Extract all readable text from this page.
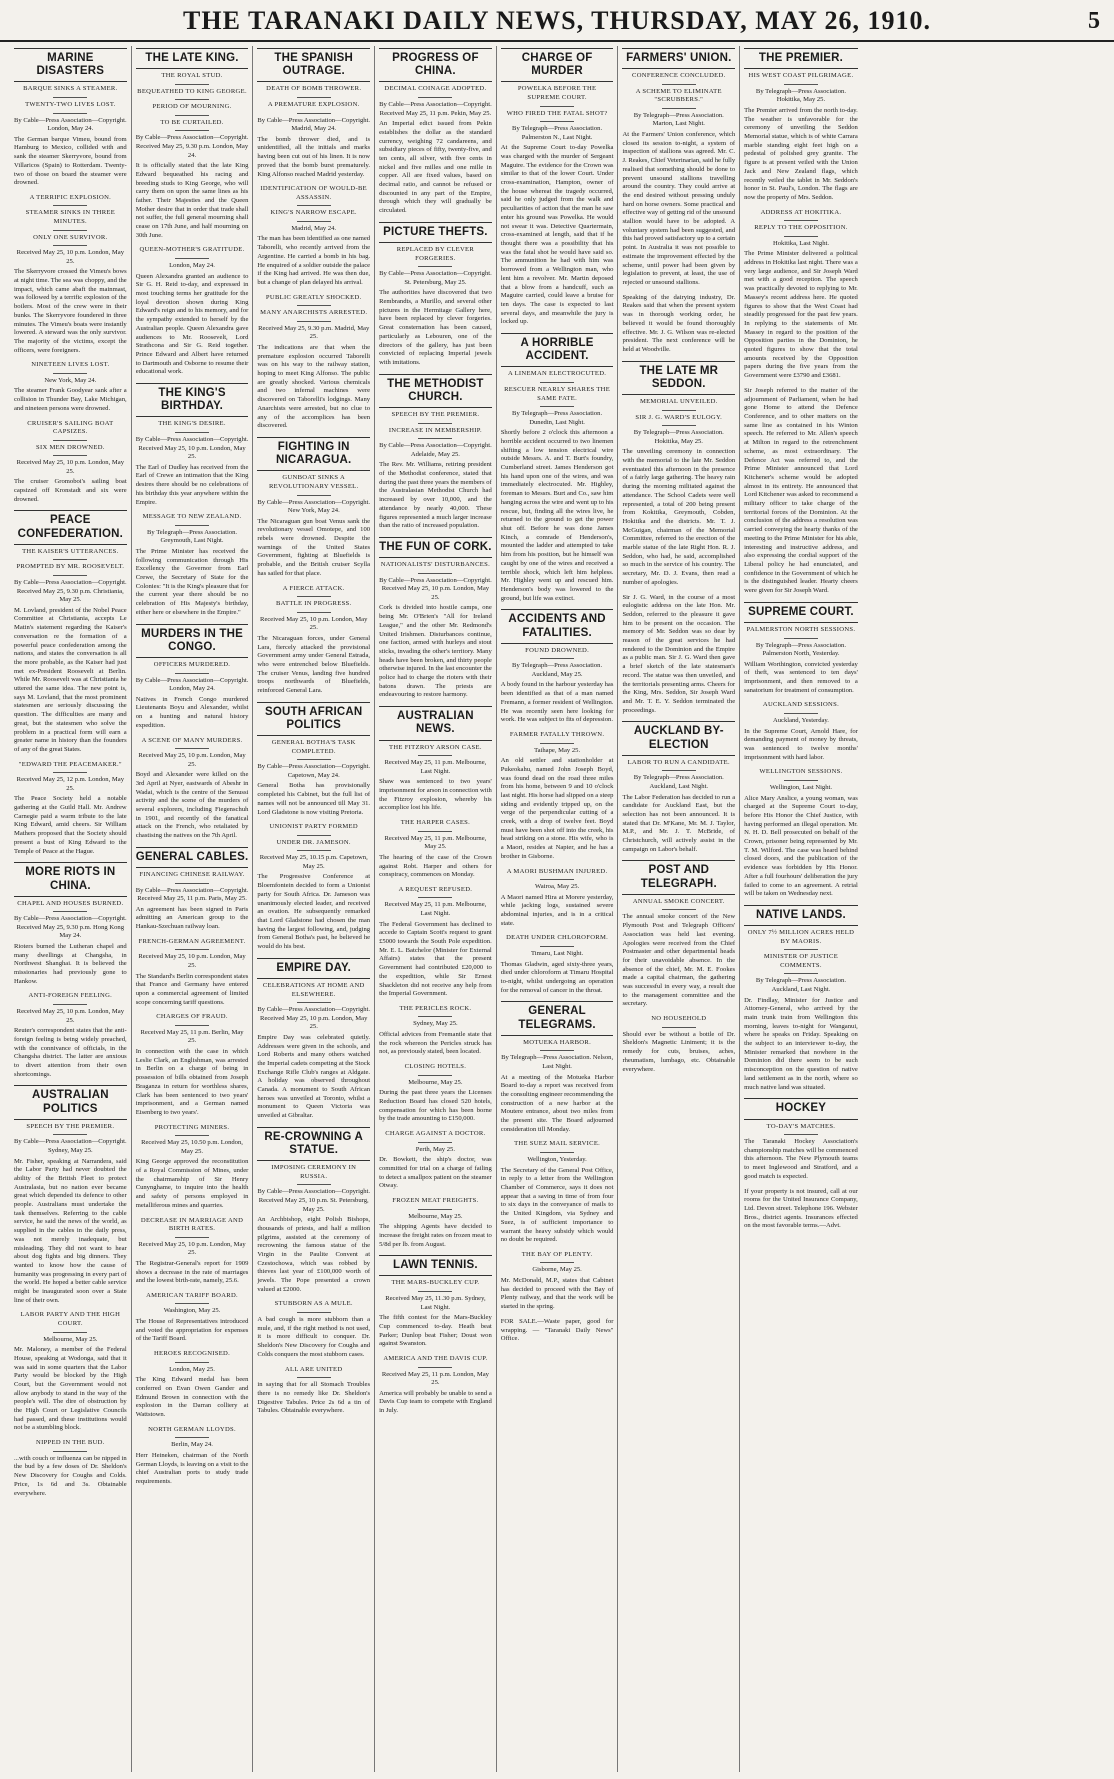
THE TARANAKI DAILY NEWS, THURSDAY, MAY 26, 1910.	5
MARINE DISASTERS
BARQUE SINKS A STEAMER.
TWENTY-TWO LIVES LOST.
By Cable—Press Association—Copyright. London, May 24.

The German barque Vimeu, bound from Hamburg to Mexico, collided with and sank the steamer Skerryvore, bound from Villaricos (Spain) to Rotterdam. Twenty-two of those on board the steamer were drowned.

A TERRIFIC EXPLOSION.
STEAMER SINKS IN THREE MINUTES.
ONLY ONE SURVIVOR.
Received May 25, 10 p.m. London, May 25.

The Skerryvore crossed the Vimeu's bows at night time. The sea was choppy, and the impact, which came abaft the mainmast, was followed by a terrific explosion of the boilers. Most of the crew were in their bunks. The Skerryvore foundered in three minutes. The Vimeu's boats were instantly lowered. A steward was the only survivor. The majority of the victims, except the officers, were foreigners.

NINETEEN LIVES LOST.
New York, May 24.

The steamer Frank Goodyear sank after a collision in Thunder Bay, Lake Michigan, and nineteen persons were drowned.

CRUISER'S SAILING BOAT CAPSIZES.
SIX MEN DROWNED.
Received May 25, 10 p.m. London, May 25.

The cruiser Gromoboi's sailing boat capsized off Kronstadt and six were drowned.

PEACE CONFEDERATION.
THE KAISER'S UTTERANCES.
PROMPTED BY MR. ROOSEVELT.
By Cable—Press Association—Copyright. Received May 25, 9.30 p.m. Christiania, May 25.

M. Lovland, president of the Nobel Peace Committee at Christiania, accepts Le Matin's statement regarding the Kaiser's conversation re the formation of a powerful peace confederation among the nations, and states the conversation is all the more probable, as the Kaiser had just met ex-President Roosevelt at Berlin. While Mr. Roosevelt was at Christiania he uttered the same idea. The new point is, says M. Lovland, that the most prominent statesmen are seriously discussing the question. The difficulties are many and great, but the statesmen who solve the problem in a practical form will earn a greater name in history than the founders of any of the great States.

"EDWARD THE PEACEMAKER."
Received May 25, 12 p.m. London, May 25.

The Peace Society held a notable gathering at the Guild Hall. Mr. Andrew Carnegie paid a warm tribute to the late King Edward, amid cheers. Sir William Mathers proposed that the Society should present a bust of King Edward to the Temple of Peace at the Hague.

MORE RIOTS IN CHINA.
CHAPEL AND HOUSES BURNED.
By Cable—Press Association—Copyright. Received May 25, 9.30 p.m. Hong Kong May 24.

Rioters burned the Lutheran chapel and many dwellings at Changsha, in Northwest Shanghai. It is believed the missionaries had previously gone to Hankow.

ANTI-FOREIGN FEELING.
Received May 25, 10 p.m. London, May 25.

Reuter's correspondent states that the anti-foreign feeling is being widely preached, with the connivance of officials, in the Changsha district. The latter are anxious to divert attention from their own shortcomings.

AUSTRALIAN POLITICS
SPEECH BY THE PREMIER.
By Cable—Press Association—Copyright. Sydney, May 25.

Mr. Fisher, speaking at Narrandera, said the Labor Party had never doubted the ability of the British Fleet to protect Australasia, but no nation ever became great which depended its defence to other people. Australians must undertake the task themselves. Referring to the cable service, he said the news of the world, as supplied in the cables in the daily press, was not merely inadequate, but misleading. They did not want to hear about dog fights and big dinners. They wanted to know how the cause of humanity was progressing in every part of the world. He hoped a better cable service might be inaugurated soon over a State line of their own.

LABOR PARTY AND THE HIGH COURT.
Melbourne, May 25.

Mr. Maloney, a member of the Federal House, speaking at Wodonga, said that it was said in some quarters that the Labor Party would be blocked by the High Court, but the Government would not allow anybody to stand in the way of the people's will. The dire of obstruction by the High Court or Legislative Councils had passed, and these institutions would not be a stumbling block.

NIPPED IN THE BUD.

...with couch or influenza can be nipped in the bud by a few doses of Dr. Sheldon's New Discovery for Coughs and Colds. Price, 1s 6d and 3s. Obtainable everywhere.

THE LATE KING.
THE ROYAL STUD.
BEQUEATHED TO KING GEORGE.
PERIOD OF MOURNING.
TO BE CURTAILED.
By Cable—Press Association—Copyright. Received May 25, 9.30 p.m. London, May 24.

It is officially stated that the late King Edward bequeathed his racing and breeding studs to King George, who will carry them on upon the same lines as his father. Their Majesties and the Queen Mother desire that in order that trade shall not suffer, the full general mourning shall cease on 17th June, and half mourning on 30th June.

QUEEN-MOTHER'S GRATITUDE.
London, May 24.

Queen Alexandra granted an audience to Sir G. H. Reid to-day, and expressed in most touching terms her gratitude for the loyal devotion shown during King Edward's reign and to his memory, and for the sympathy extended to herself by the Australian people. Queen Alexandra gave audiences to Mr. Roosevelt, Lord Strathcona and Sir G. Reid together. Prince Edward and Albert have returned to Dartmouth and Osborne to resume their educational work.

THE KING'S BIRTHDAY.
THE KING'S DESIRE.
By Cable—Press Association—Copyright. Received May 25, 10 p.m. London, May 25.

The Earl of Dudley has received from the Earl of Crewe an intimation that the King desires there should be no celebrations of his birthday this year anywhere within the Empire.

MESSAGE TO NEW ZEALAND.
By Telegraph—Press Association. Greymouth, Last Night.

The Prime Minister has received the following communication through His Excellency the Governor from Earl Crewe, the Secretary of State for the Colonies: "It is the King's pleasure that for the current year there should be no celebration of His Majesty's birthday, either here or elsewhere in the Empire."

MURDERS IN THE CONGO.
OFFICERS MURDERED.
By Cable—Press Association—Copyright. London, May 24.

Natives in French Congo murdered Lieutenants Boyu and Alexander, whilst on a hunting and natural history expedition.

A SCENE OF MANY MURDERS.
Received May 25, 10 p.m. London, May 25.

Boyd and Alexander were killed on the 3rd April at Nyer, eastwards of Abeshr in Wadai, which is the centre of the Senussi activity and the scene of the murders of several explorers, including Fiegenschuh in 1901, and recently of the fanatical attack on the French, who retaliated by chastising the natives on the 7th April.

GENERAL CABLES.
FINANCING CHINESE RAILWAY.
By Cable—Press Association—Copyright. Received May 25, 11 p.m. Paris, May 25.

An agreement has been signed in Paris admitting an American group to the Hankau-Szechuan railway loan.

FRENCH-GERMAN AGREEMENT.
Received May 25, 10 p.m. London, May 25.

The Standard's Berlin correspondent states that France and Germany have entered upon a commercial agreement of limited scope concerning tariff questions.

CHARGES OF FRAUD.
Received May 25, 11 p.m. Berlin, May 25.

In connection with the case in which Leslie Clark, an Englishman, was arrested in Berlin on a charge of being in possession of bills obtained from Joseph Braganza in return for worthless shares, Clark has been sentenced to two years' imprisonment, and a German named Eisenberg to two years'.

PROTECTING MINERS.
Received May 25, 10.50 p.m. London, May 25.

King George approved the reconstitution of a Royal Commission of Mines, under the chairmanship of Sir Henry Cunynghame, to inquire into the health and safety of persons employed in metalliferous mines and quarries.

DECREASE IN MARRIAGE AND BIRTH RATES.
Received May 25, 10 p.m. London, May 25.

The Registrar-General's report for 1909 shows a decrease in the rate of marriages and the lowest birth-rate, namely, 25.6.

AMERICAN TARIFF BOARD.
Washington, May 25.

The House of Representatives introduced and voted the appropriation for expenses of the Tariff Board.

HEROES RECOGNISED.
London, May 25.

The King Edward medal has been conferred on Evan Owen Gander and Edmund Brown in connection with the explosion in the Darran colliery at Wattstown.

NORTH GERMAN LLOYDS.
Berlin, May 24.

Herr Heineken, chairman of the North German Lloyds, is leaving on a visit to the chief Australian ports to study trade requirements.

THE SPANISH OUTRAGE.
DEATH OF BOMB THROWER.
A PREMATURE EXPLOSION.
By Cable—Press Association—Copyright. Madrid, May 24.

The bomb thrower died, and is unidentified, all the initials and marks having been cut out of his linen. It is now proved that the bomb burst prematurely. King Alfonso reached Madrid yesterday.

IDENTIFICATION OF WOULD-BE ASSASSIN.
KING'S NARROW ESCAPE.
Madrid, May 24.

The man has been identified as one named Taborelli, who recently arrived from the Argentine. He carried a bomb in his bag. He enquired of a soldier outside the palace if the King had arrived. He was then due, but a change of plan delayed his arrival.

PUBLIC GREATLY SHOCKED.
MANY ANARCHISTS ARRESTED.
Received May 25, 9.30 p.m. Madrid, May 25.

The indications are that when the premature explosion occurred Taborelli was on his way to the railway station, hoping to meet King Alfonso. The public are greatly shocked. Various chemicals and two infernal machines were discovered on Taborelli's lodgings. Many Anarchists were arrested, but no clue to any of the accomplices has been discovered.

FIGHTING IN NICARAGUA.
GUNBOAT SINKS A REVOLUTIONARY VESSEL.
By Cable—Press Association—Copyright. New York, May 24.

The Nicaraguan gun boat Venus sank the revolutionary vessel Omotepe, and 100 rebels were drowned. Despite the warnings of the United States Government, fighting at Bluefields is probable, and the British cruiser Scylla has sailed for that place.

A FIERCE ATTACK.
BATTLE IN PROGRESS.
Received May 25, 10 p.m. London, May 25.

The Nicaraguan forces, under General Lara, fiercely attacked the provisional Government army under General Estrada, who were entrenched below Bluefields. The cruiser Venus, landing five hundred troops northwards of Bluefields, reinforced General Lara.

SOUTH AFRICAN POLITICS
GENERAL BOTHA'S TASK COMPLETED.
By Cable—Press Association—Copyright. Capetown, May 24.

General Botha has provisionally completed his Cabinet, but the full list of names will not be announced till May 31. Lord Gladstone is now visiting Pretoria.

UNIONIST PARTY FORMED
UNDER DR. JAMESON.
Received May 25, 10.15 p.m. Capetown, May 25.

The Progressive Conference at Bloemfontein decided to form a Unionist party for South Africa. Dr. Jameson was unanimously elected leader, and received an ovation. He subsequently remarked that Lord Gladstone had chosen the man having the largest following, and, judging from General Botha's past, he believed he would do his best.

EMPIRE DAY.
CELEBRATIONS AT HOME AND ELSEWHERE.
By Cable—Press Association—Copyright. Received May 25, 10 p.m. London, May 25.

Empire Day was celebrated quietly. Addresses were given in the schools, and Lord Roberts and many others watched the Imperial cadets competing at the Stock Exchange Rifle Club's ranges at Aldgate. A holiday was observed throughout Canada. A monument to South African heroes was unveiled at Toronto, whilst a monument to Queen Victoria was unveiled at Gibraltar.

RE-CROWNING A STATUE.
IMPOSING CEREMONY IN RUSSIA.
By Cable—Press Association—Copyright. Received May 25, 10 p.m. St. Petersburg, May 25.

An Archbishop, eight Polish Bishops, thousands of priests, and half a million pilgrims, assisted at the ceremony of recrowning the famous statue of the Virgin in the Paulite Convent at Czestochowa, which was robbed by thieves last year of £100,000 worth of jewels. The Pope presented a crown valued at £2000.

STUBBORN AS A MULE.

A bad cough is more stubborn than a mule, and, if the right method is not used, it is more difficult to conquer. Dr. Sheldon's New Discovery for Coughs and Colds conquers the most stubborn cases.

ALL ARE UNITED

in saying that for all Stomach Troubles there is no remedy like Dr. Sheldon's Digestive Tabules. Price 2s 6d a tin of Tabules. Obtainable everywhere.

PROGRESS OF CHINA.
DECIMAL COINAGE ADOPTED.
By Cable—Press Association—Copyright. Received May 25, 11 p.m. Pekin, May 25.

An Imperial edict issued from Pekin establishes the dollar as the standard currency, weighing 72 candareens, and subsidiary pieces of fifty, twenty-five, and ten cents, all silver, with five cents in nickel and five milles and one mille in copper. All are fixed values, based on decimal ratio, and cannot be refused or discounted in any part of the Empire, through which they will gradually be circulated.

PICTURE THEFTS.
REPLACED BY CLEVER FORGERIES.
By Cable—Press Association—Copyright. St. Petersburg, May 25.

The authorities have discovered that two Rembrandts, a Murillo, and several other pictures in the Hermitage Gallery here, have been replaced by clever forgeries. Great consternation has been caused, particularly as Lebouren, one of the directors of the gallery, has just been convicted of replacing Imperial jewels with imitations.

THE METHODIST CHURCH.
SPEECH BY THE PREMIER.
INCREASE IN MEMBERSHIP.
By Cable—Press Association—Copyright. Adelaide, May 25.

The Rev. Mr. Williams, retiring president of the Methodist conference, stated that during the past three years the members of the Australasian Methodist Church had increased by over 10,000, and the attendance by nearly 40,000. These figures represented a much larger increase than the ratio of increased population.

THE FUN OF CORK.
NATIONALISTS' DISTURBANCES.
By Cable—Press Association—Copyright. Received May 25, 10 p.m. London, May 25.

Cork is divided into hostile camps, one being Mr. O'Brien's "All for Ireland League," and the other Mr. Redmond's United Irishmen. Disturbances continue, one faction, armed with hurleys and stout sticks, invading the other's territory. Many heads have been broken, and thirty people otherwise injured. In the last encounter the police had to charge the rioters with their batons drawn. The priests are endeavouring to restore harmony.

AUSTRALIAN NEWS.
THE FITZROY ARSON CASE.
Received May 25, 11 p.m. Melbourne, Last Night.

Shaw was sentenced to two years' imprisonment for arson in connection with the Fitzroy explosion, whereby his accomplice lost his life.

THE HARPER CASES.
Received May 25, 11 p.m. Melbourne, May 25.

The hearing of the case of the Crown against Robt. Harper and others for conspiracy, commences on Monday.

A REQUEST REFUSED.
Received May 25, 11 p.m. Melbourne, Last Night.

The Federal Government has declined to accede to Captain Scott's request to grant £5000 towards the South Pole expedition. Mr. E. L. Batchelor (Minister for External Affairs) states that the present Government had contributed £20,000 to the expedition, while Sir Ernest Shackleton did not receive any help from the Imperial Government.

THE PERICLES ROCK.
Sydney, May 25.

Official advices from Fremantle state that the rock whereon the Pericles struck has not, as previously stated, been located.

CLOSING HOTELS.
Melbourne, May 25.

During the past three years the Licenses Reduction Board has closed 520 hotels, compensation for which has been borne by the trade amounting to £150,000.

CHARGE AGAINST A DOCTOR.
Perth, May 25.

Dr. Bowkett, the ship's doctor, was committed for trial on a charge of failing to detect a smallpox patient on the steamer Otway.

FROZEN MEAT FREIGHTS.
Melbourne, May 25.

The shipping Agents have decided to increase the freight rates on frozen meat to 5/8d per lb. from August.

LAWN TENNIS.
THE MARS-BUCKLEY CUP.
Received May 25, 11.30 p.m. Sydney, Last Night.

The fifth contest for the Mars-Buckley Cup commenced to-day. Heath beat Parker; Dunlop beat Fisher; Doust won against Swanston.

AMERICA AND THE DAVIS CUP.
Received May 25, 11 p.m. London, May 25.

America will probably be unable to send a Davis Cup team to compete with England in July.

CHARGE OF MURDER
POWELKA BEFORE THE SUPREME COURT.
WHO FIRED THE FATAL SHOT?
By Telegraph—Press Association. Palmerston N., Last Night.

At the Supreme Court to-day Powelka was charged with the murder of Sergeant Maguire. The evidence for the Crown was similar to that of the lower Court. Under cross-examination, Hampton, owner of the house whereat the tragedy occurred, said he only judged from the walk and peculiarities of action that the man he saw enter his ground was Powelka. He would not swear it was. Detective Quartermain, cross-examined at length, said that if he thought there was a possibility that his was the fatal shot he would have said so. The ammunition he had with him was borrowed from a Wellington man, who lent him a revolver. Mr. Martin deposed that a blow from a handcuff, such as Maguire carried, could leave a bruise for ten days. The case is expected to last several days, and meanwhile the jury is locked up.

A HORRIBLE ACCIDENT.
A LINEMAN ELECTROCUTED.
RESCUER NEARLY SHARES THE SAME FATE.
By Telegraph—Press Association. Dunedin, Last Night.

Shortly before 2 o'clock this afternoon a horrible accident occurred to two linemen shifting a low tension electrical wire outside Messrs. A. and T. Burt's foundry, Cumberland street. James Henderson got his hand upon one of the wires, and was immediately electrocuted. Mr. Highley, foreman to Messrs. Burt and Co., saw him hanging across the wire and went up to his rescue, but, finding all the wires live, he returned to the ground to get the power shut off. Before he was done James Kinch, a comrade of Henderson's, mounted the ladder and attempted to take him from his position, but he himself was caught by one of the wires and received a terrible shock, which left him helpless. Mr. Highley went up and rescued him. Henderson's body was lowered to the ground, but life was extinct.

ACCIDENTS AND FATALITIES.
FOUND DROWNED.
By Telegraph—Press Association. Auckland, May 25.

A body found in the harbour yesterday has been identified as that of a man named Fremann, a former resident of Wellington. He was recently seen here looking for work. He was subject to fits of depression.

FARMER FATALLY THROWN.
Taihape, May 25.

An old settler and stationholder at Pukeokahu, named John Joseph Boyd, was found dead on the road three miles from his home, between 9 and 10 o'clock last night. His horse had slipped on a steep siding and evidently tripped up, on the verge of the perpendicular cutting of a creek, with a drop of twelve feet. Boyd must have been shot off into the creek, his head striking on a stone. His wife, who is a Maori, resides at Napier, and he has a brother in Gisborne.

A MAORI BUSHMAN INJURED.
Wairoa, May 25.

A Maori named Hira at Morere yesterday, while jacking logs, sustained severe abdominal injuries, and is in a critical state.

DEATH UNDER CHLOROFORM.
Timaru, Last Night.

Thomas Gladwin, aged sixty-three years, died under chloroform at Timaru Hospital to-night, whilst undergoing an operation for the removal of cancer in the throat.

GENERAL TELEGRAMS.
MOTUEKA HARBOR.
By Telegraph—Press Association. Nelson, Last Night.

At a meeting of the Motueka Harbor Board to-day a report was received from the consulting engineer recommending the construction of a new harbor at the Moutere entrance, about two miles from the present site. The Board adjourned consideration till Monday.

THE SUEZ MAIL SERVICE.
Wellington, Yesterday.

The Secretary of the General Post Office, in reply to a letter from the Wellington Chamber of Commerce, says it does not appear that a saving in time of from four to six days in the conveyance of mails to the United Kingdom, via Sydney and Suez, is of sufficient importance to warrant the heavy subsidy which would no doubt be required.

THE BAY OF PLENTY.
Gisborne, May 25.

Mr. McDonald, M.P., states that Cabinet has decided to proceed with the Bay of Plenty railway, and that the work will be started in the spring.

FOR SALE.—Waste paper, good for wrapping. — "Taranaki Daily News" Office.

FARMERS' UNION.
CONFERENCE CONCLUDED.
A SCHEME TO ELIMINATE "SCRUBBERS."
By Telegraph—Press Association. Marton, Last Night.

At the Farmers' Union conference, which closed its session to-night, a system of inspection of stallions was agreed. Mr. C. J. Reakes, Chief Veterinarian, said he fully realised that something should be done to prevent unsound stallions travelling around the country. They could arrive at the end desired without pressing unduly hard on horse owners. Some practical and effective way of getting rid of the unsound stallion would have to be adopted. A voluntary system had been suggested, and this had proved satisfactory up to a certain point. In Australia it was not possible to estimate the improvement effected by the scheme, until power had been given by legislation to prevent, at least, the use of rejected or unsound stallions.

Speaking of the dairying industry, Dr. Reakes said that when the present system was in thorough working order, he believed it would be found thoroughly effective. Mr. J. G. Wilson was re-elected president. The next conference will be held at Woodville.

THE LATE MR SEDDON.
MEMORIAL UNVEILED.
SIR J. G. WARD'S EULOGY.
By Telegraph—Press Association. Hokitika, May 25.

The unveiling ceremony in connection with the memorial to the late Mr. Seddon eventuated this afternoon in the presence of a fairly large gathering. The heavy rain during the morning militated against the attendance. The School Cadets were well represented, a total of 200 being present from Kokitika, Greymouth, Cobden, Hokitika and the districts. Mr. T. J. McGuigan, chairman of the Memorial Committee, referred to the erection of the marble statue of the late Right Hon. R. J. Seddon, who had, he said, accomplished so much in the service of his country. The secretary, Mr. D. J. Evans, then read a number of apologies.

Sir J. G. Ward, in the course of a most eulogistic address on the late Hon. Mr. Seddon, referred to the pleasure it gave him to be present on the occasion. The memory of Mr. Seddon was so dear by reason of the great services he had rendered to the Dominion and the Empire as a public man. Sir J. G. Ward then gave a brief sketch of the late statesman's record. The statue was then unveiled, and the territorials presenting arms. Cheers for the King, Mrs. Seddon, Sir Joseph Ward and Mr. T. E. Y. Seddon terminated the proceedings.

AUCKLAND BY-ELECTION
LABOR TO RUN A CANDIDATE.
By Telegraph—Press Association. Auckland, Last Night.

The Labor Federation has decided to run a candidate for Auckland East, but the selection has not been announced. It is stated that Dr. M'Kane, Mr. M. J. Taylor, M.P., and Mr. J. T. McBride, of Christchurch, will actively assist in the campaign on Labor's behalf.

POST AND TELEGRAPH.
ANNUAL SMOKE CONCERT.

The annual smoke concert of the New Plymouth Post and Telegraph Officers' Association was held last evening. Apologies were received from the Chief Postmaster and other departmental heads for their unavoidable absence. In the absence of the chief, Mr. M. E. Fookes made a capital chairman, the gathering was successful in every way, a result due to the management committee and the secretary.

NO HOUSEHOLD

Should ever be without a bottle of Dr. Sheldon's Magnetic Liniment; it is the remedy for cuts, bruises, aches, rheumatism, lumbago, etc. Obtainable everywhere.

THE PREMIER.
HIS WEST COAST PILGRIMAGE.
By Telegraph—Press Association. Hokitika, May 25.

The Premier arrived from the north to-day. The weather is unfavorable for the ceremony of unveiling the Seddon Memorial statue, which is of white Carrara marble standing eight feet high on a pedestal of polished grey granite. The figure is at present veiled with the Union Jack and New Zealand flags, which recently veiled the tablet in Mr. Seddon's honor in St. Paul's, London. The flags are now the property of Mrs. Seddon.

ADDRESS AT HOKITIKA.
REPLY TO THE OPPOSITION.
Hokitika, Last Night.

The Prime Minister delivered a political address in Hokitika last night. There was a very large audience, and Sir Joseph Ward met with a good reception. The speech was practically devoted to replying to Mr. Massey's recent address here. He quoted figures to show that the West Coast had steadily progressed for the past few years. In replying to the statements of Mr. Massey in regard to the position of the Opposition parties in the Dominion, he quoted figures to show that the total amounts received by the Opposition papers during the five years from the Government were £3790 and £3681.

Sir Joseph referred to the matter of the adjournment of Parliament, when he had gone Home to attend the Defence Conference, and to other matters on the same line as contained in his Winton speech. He referred to Mr. Allen's speech at Milton in regard to the retrenchment scheme, as most extraordinary. The Defence Act was referred to, and the Prime Minister announced that Lord Kitchener's scheme would be adopted almost in its entirety. He announced that Lord Kitchener was asked to recommend a military officer to take charge of the territorial forces of the Dominion. At the conclusion of the address a resolution was carried conveying the hearty thanks of the meeting to the Prime Minister for his able, interesting and instructive address, and also expressing the cordial support of the Liberal policy he had enunciated, and confidence in the Government of which he is the distinguished leader. Hearty cheers were given for Sir Joseph Ward.

SUPREME COURT.
PALMERSTON NORTH SESSIONS.
By Telegraph—Press Association. Palmerston North, Yesterday.

William Worthington, convicted yesterday of theft, was sentenced to ten days' imprisonment, and then removed to a sanatorium for treatment of consumption.

AUCKLAND SESSIONS.
Auckland, Yesterday.

In the Supreme Court, Arnold Hare, for demanding payment of money by threats, was sentenced to twelve months' imprisonment with hard labor.

WELLINGTON SESSIONS.
Wellington, Last Night.

Alice Mary Anslice, a young woman, was charged at the Supreme Court to-day, before His Honor the Chief Justice, with having performed an illegal operation. Mr. N. H. D. Bell prosecuted on behalf of the Crown, prisoner being represented by Mr. T. M. Wilford. The case was heard behind closed doors, and the publication of the evidence was forbidden by His Honor. After a full fourhours' deliberation the jury failed to come to an agreement. A retrial will be taken on Wednesday next.

NATIVE LANDS.
ONLY 7½ MILLION ACRES HELD BY MAORIS.
MINISTER OF JUSTICE COMMENTS.
By Telegraph—Press Association. Auckland, Last Night.

Dr. Findlay, Minister for Justice and Attorney-General, who arrived by the main trunk train from Wellington this morning, leaves to-night for Wanganui, where he speaks on Friday. Speaking on the subject to an interviewer to-day, the Minister remarked that nowhere in the Dominion did there seem to be such misconception on the question of native land settlement as in the north, where so much native land was situated.

HOCKEY
TO-DAY'S MATCHES.

The Taranaki Hockey Association's championship matches will be commenced this afternoon. The New Plymouth teams to meet Inglewood and Stratford, and a good match is expected.

If your property is not insured, call at our rooms for the United Insurance Company, Ltd. Devon street. Telephone 196. Webster Bros., district agents. Insurances effected on the most favorable terms.—Advt.
